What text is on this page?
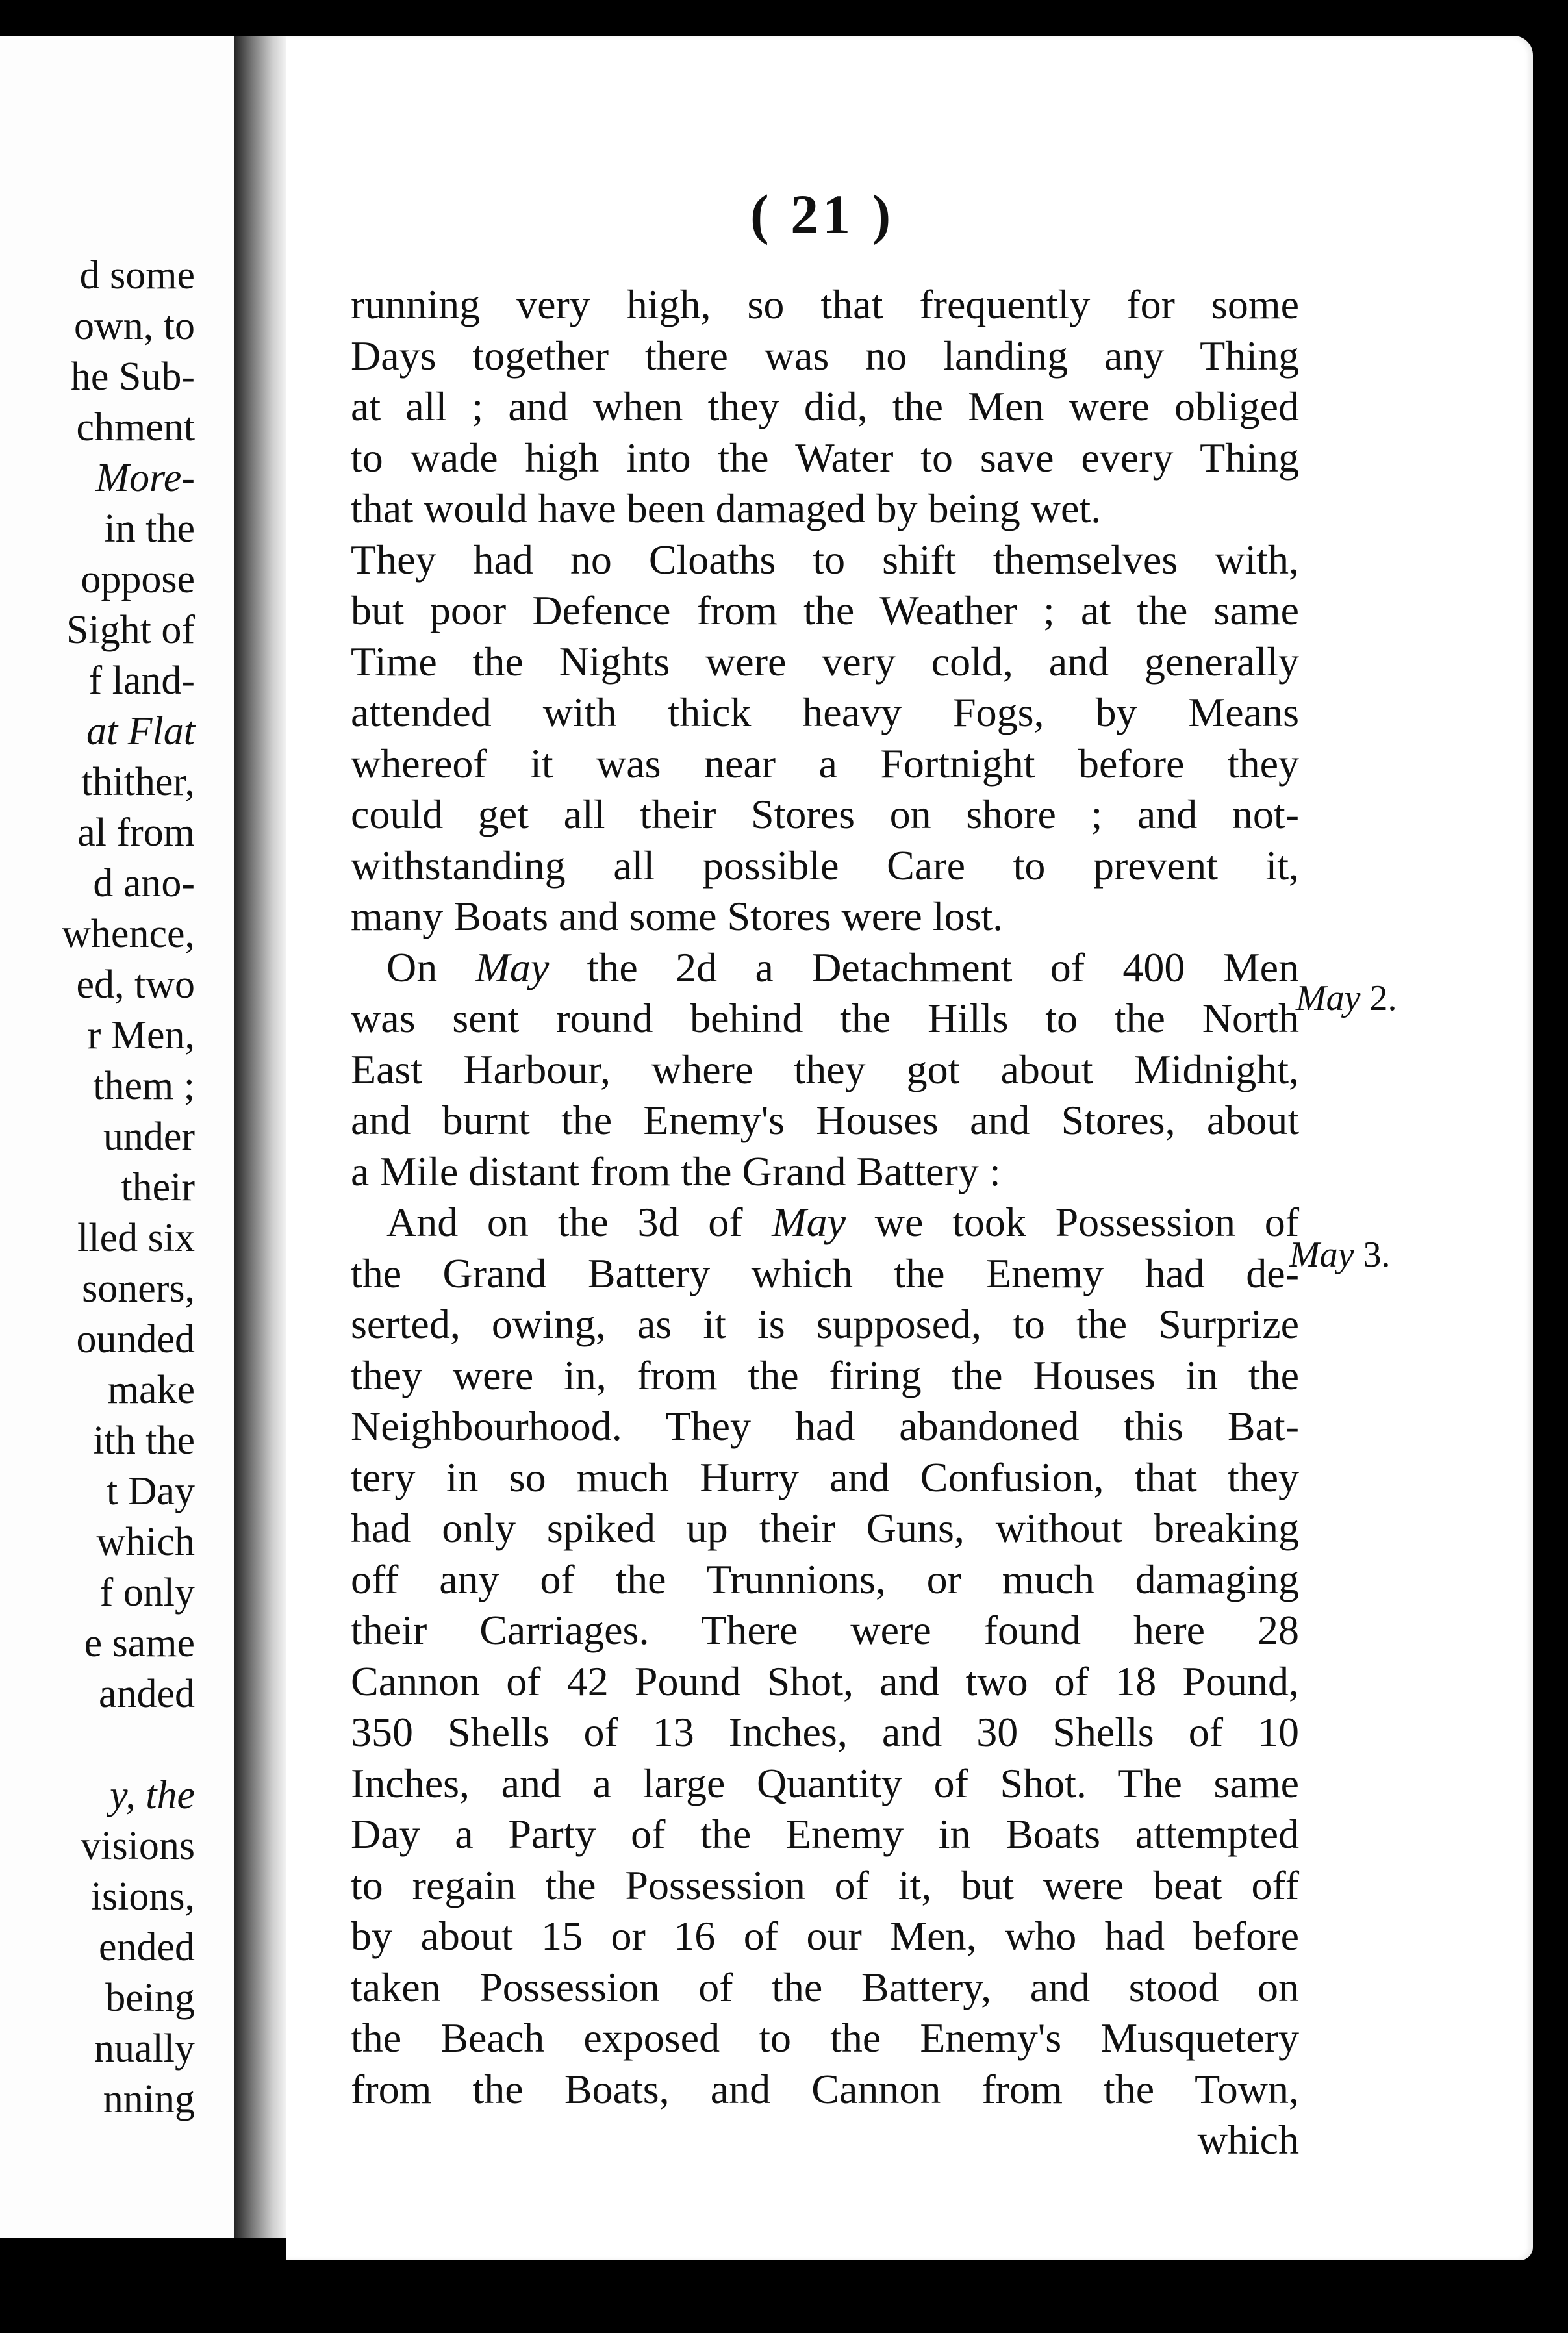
d some
own, to
he Sub-
chment
More-
in the
oppose
Sight of
f land-
at Flat
thither,
al from
d ano-
whence,
ed, two
r Men,
them ;
under
their
lled six
soners,
ounded
make
ith the
t Day
which
f only
e same
anded
y, the
visions
isions,
ended
being
nually
nning
( 21 )
running very high, so that frequently for some
Days together there was no landing any Thing
at all ; and when they did, the Men were obliged
to wade high into the Water to save every Thing
that would have been damaged by being wet.
They had no Cloaths to shift themselves with,
but poor Defence from the Weather ; at the same
Time the Nights were very cold, and generally
attended with thick heavy Fogs, by Means
whereof it was near a Fortnight before they
could get all their Stores on shore ; and not-
withstanding all possible Care to prevent it,
many Boats and some Stores were lost.
On May the 2d a Detachment of 400 Men
was sent round behind the Hills to the North
East Harbour, where they got about Midnight,
and burnt the Enemy's Houses and Stores, about
a Mile distant from the Grand Battery :
And on the 3d of May we took Possession of
the Grand Battery which the Enemy had de-
serted, owing, as it is supposed, to the Surprize
they were in, from the firing the Houses in the
Neighbourhood. They had abandoned this Bat-
tery in so much Hurry and Confusion, that they
had only spiked up their Guns, without breaking
off any of the Trunnions, or much damaging
their Carriages. There were found here 28
Cannon of 42 Pound Shot, and two of 18 Pound,
350 Shells of 13 Inches, and 30 Shells of 10
Inches, and a large Quantity of Shot. The same
Day a Party of the Enemy in Boats attempted
to regain the Possession of it, but were beat off
by about 15 or 16 of our Men, who had before
taken Possession of the Battery, and stood on
the Beach exposed to the Enemy's Musquetery
from the Boats, and Cannon from the Town,
which
May 2.
May 3.
